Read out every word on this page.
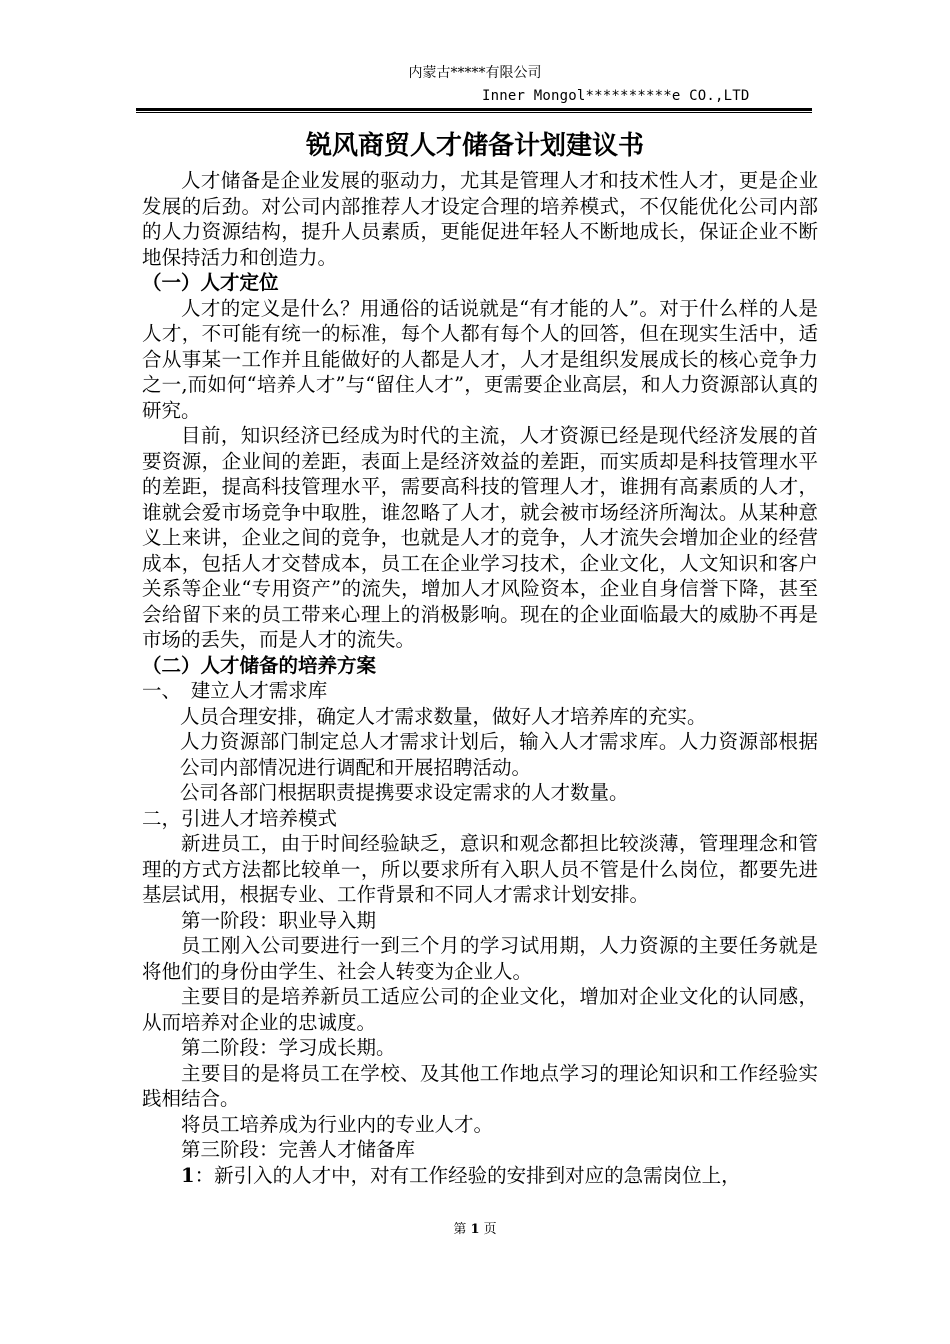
内蒙古*****有限公司
Inner Mongol**********e CO.,LTD
锐风商贸人才储备计划建议书

人才储备是企业发展的驱动力，尤其是管理人才和技术性人才，更是企业发展的后劲。对公司内部推荐人才设定合理的培养模式，不仅能优化公司内部的人力资源结构，提升人员素质，更能促进年轻人不断地成长，保证企业不断地保持活力和创造力。

（一）人才定位

人才的定义是什么？用通俗的话说就是“有才能的人”。对于什么样的人是人才，不可能有统一的标准，每个人都有每个人的回答，但在现实生活中，适合从事某一工作并且能做好的人都是人才，人才是组织发展成长的核心竞争力之一,而如何“培养人才”与“留住人才”，更需要企业高层，和人力资源部认真的研究。

目前，知识经济已经成为时代的主流，人才资源已经是现代经济发展的首要资源，企业间的差距，表面上是经济效益的差距，而实质却是科技管理水平的差距，提高科技管理水平，需要高科技的管理人才，谁拥有高素质的人才，谁就会爱市场竞争中取胜，谁忽略了人才，就会被市场经济所淘汰。从某种意义上来讲，企业之间的竞争，也就是人才的竞争，人才流失会增加企业的经营成本，包括人才交替成本，员工在企业学习技术，企业文化，人文知识和客户关系等企业“专用资产”的流失，增加人才风险资本，企业自身信誉下降，甚至会给留下来的员工带来心理上的消极影响。现在的企业面临最大的威胁不再是市场的丢失，而是人才的流失。

（二）人才储备的培养方案

一、　建立人才需求库

人员合理安排，确定人才需求数量，做好人才培养库的充实。

人力资源部门制定总人才需求计划后，输入人才需求库。人力资源部根据公司内部情况进行调配和开展招聘活动。

公司各部门根据职责提携要求设定需求的人才数量。

二，引进人才培养模式

新进员工，由于时间经验缺乏，意识和观念都担比较淡薄，管理理念和管理的方式方法都比较单一，所以要求所有入职人员不管是什么岗位，都要先进基层试用，根据专业、工作背景和不同人才需求计划安排。

第一阶段：职业导入期

员工刚入公司要进行一到三个月的学习试用期，人力资源的主要任务就是将他们的身份由学生、社会人转变为企业人。

主要目的是培养新员工适应公司的企业文化，增加对企业文化的认同感，从而培养对企业的忠诚度。

第二阶段：学习成长期。

主要目的是将员工在学校、及其他工作地点学习的理论知识和工作经验实践相结合。

将员工培养成为行业内的专业人才。

第三阶段：完善人才储备库

1：新引入的人才中，对有工作经验的安排到对应的急需岗位上，

第 1 页
